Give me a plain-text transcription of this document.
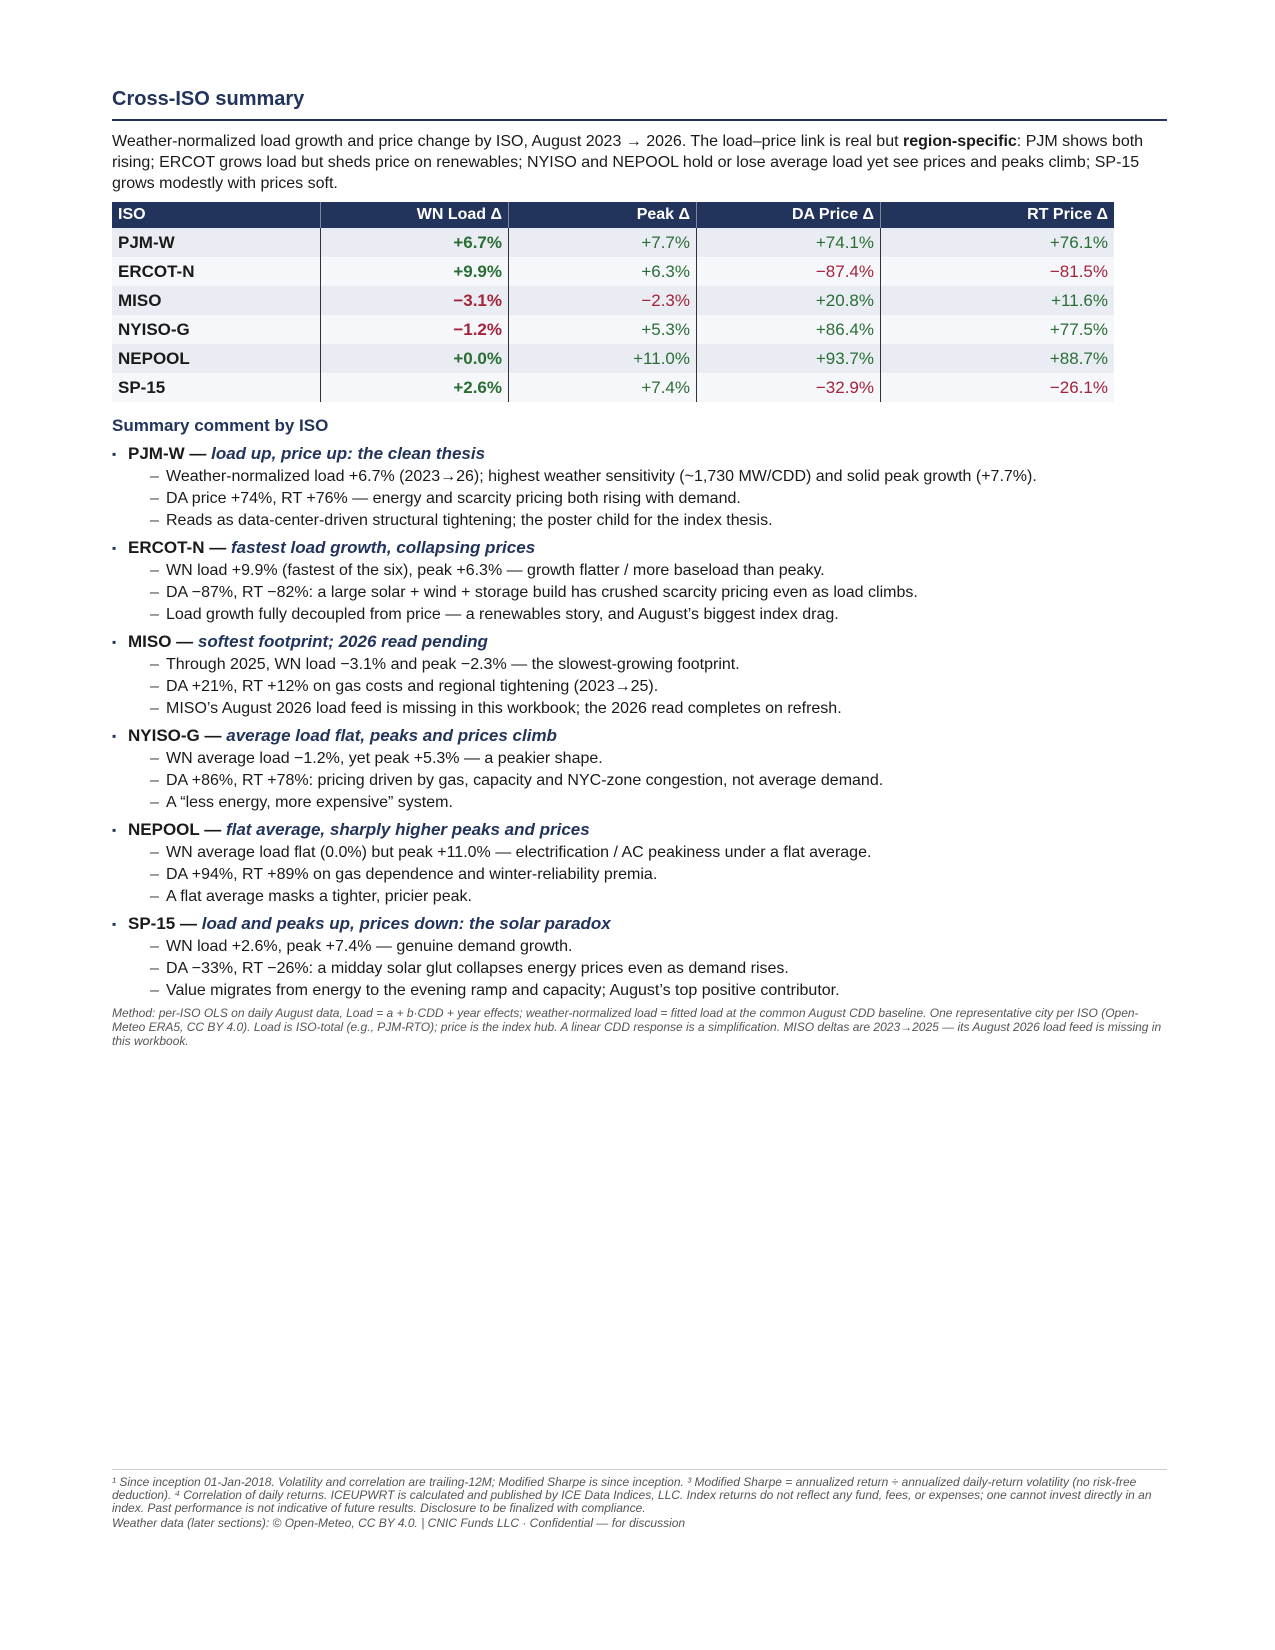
Cross-ISO summary

Weather-normalized load growth and price change by ISO, August 2023 → 2026. The load–price link is real but region-specific: PJM shows both rising; ERCOT grows load but sheds price on renewables; NYISO and NEPOOL hold or lose average load yet see prices and peaks climb; SP-15 grows modestly with prices soft.

ISO	WN Load Δ	Peak Δ	DA Price Δ	RT Price Δ
PJM-W	+6.7%	+7.7%	+74.1%	+76.1%
ERCOT-N	+9.9%	+6.3%	−87.4%	−81.5%
MISO	−3.1%	−2.3%	+20.8%	+11.6%
NYISO-G	−1.2%	+5.3%	+86.4%	+77.5%
NEPOOL	+0.0%	+11.0%	+93.7%	+88.7%
SP-15	+2.6%	+7.4%	−32.9%	−26.1%
Summary comment by ISO
▪ PJM-W — load up, price up: the clean thesis
– Weather-normalized load +6.7% (2023→26); highest weather sensitivity (~1,730 MW/CDD) and solid peak growth (+7.7%).
– DA price +74%, RT +76% — energy and scarcity pricing both rising with demand.
– Reads as data-center-driven structural tightening; the poster child for the index thesis.
▪ ERCOT-N — fastest load growth, collapsing prices
– WN load +9.9% (fastest of the six), peak +6.3% — growth flatter / more baseload than peaky.
– DA −87%, RT −82%: a large solar + wind + storage build has crushed scarcity pricing even as load climbs.
– Load growth fully decoupled from price — a renewables story, and August’s biggest index drag.
▪ MISO — softest footprint; 2026 read pending
– Through 2025, WN load −3.1% and peak −2.3% — the slowest-growing footprint.
– DA +21%, RT +12% on gas costs and regional tightening (2023→25).
– MISO’s August 2026 load feed is missing in this workbook; the 2026 read completes on refresh.
▪ NYISO-G — average load flat, peaks and prices climb
– WN average load −1.2%, yet peak +5.3% — a peakier shape.
– DA +86%, RT +78%: pricing driven by gas, capacity and NYC-zone congestion, not average demand.
– A “less energy, more expensive” system.
▪ NEPOOL — flat average, sharply higher peaks and prices
– WN average load flat (0.0%) but peak +11.0% — electrification / AC peakiness under a flat average.
– DA +94%, RT +89% on gas dependence and winter-reliability premia.
– A flat average masks a tighter, pricier peak.
▪ SP-15 — load and peaks up, prices down: the solar paradox
– WN load +2.6%, peak +7.4% — genuine demand growth.
– DA −33%, RT −26%: a midday solar glut collapses energy prices even as demand rises.
– Value migrates from energy to the evening ramp and capacity; August’s top positive contributor.
Method: per-ISO OLS on daily August data, Load = a + b·CDD + year effects; weather-normalized load = fitted load at the common August CDD baseline. One representative city per ISO (Open-Meteo ERA5, CC BY 4.0). Load is ISO-total (e.g., PJM-RTO); price is the index hub. A linear CDD response is a simplification. MISO deltas are 2023→2025 — its August 2026 load feed is missing in this workbook.

¹ Since inception 01-Jan-2018. Volatility and correlation are trailing-12M; Modified Sharpe is since inception. ³ Modified Sharpe = annualized return ÷ annualized daily-return volatility (no risk-free deduction). ⁴ Correlation of daily returns. ICEUPWRT is calculated and published by ICE Data Indices, LLC. Index returns do not reflect any fund, fees, or expenses; one cannot invest directly in an index. Past performance is not indicative of future results. Disclosure to be finalized with compliance.

Weather data (later sections): © Open-Meteo, CC BY 4.0. | CNIC Funds LLC · Confidential — for discussion
